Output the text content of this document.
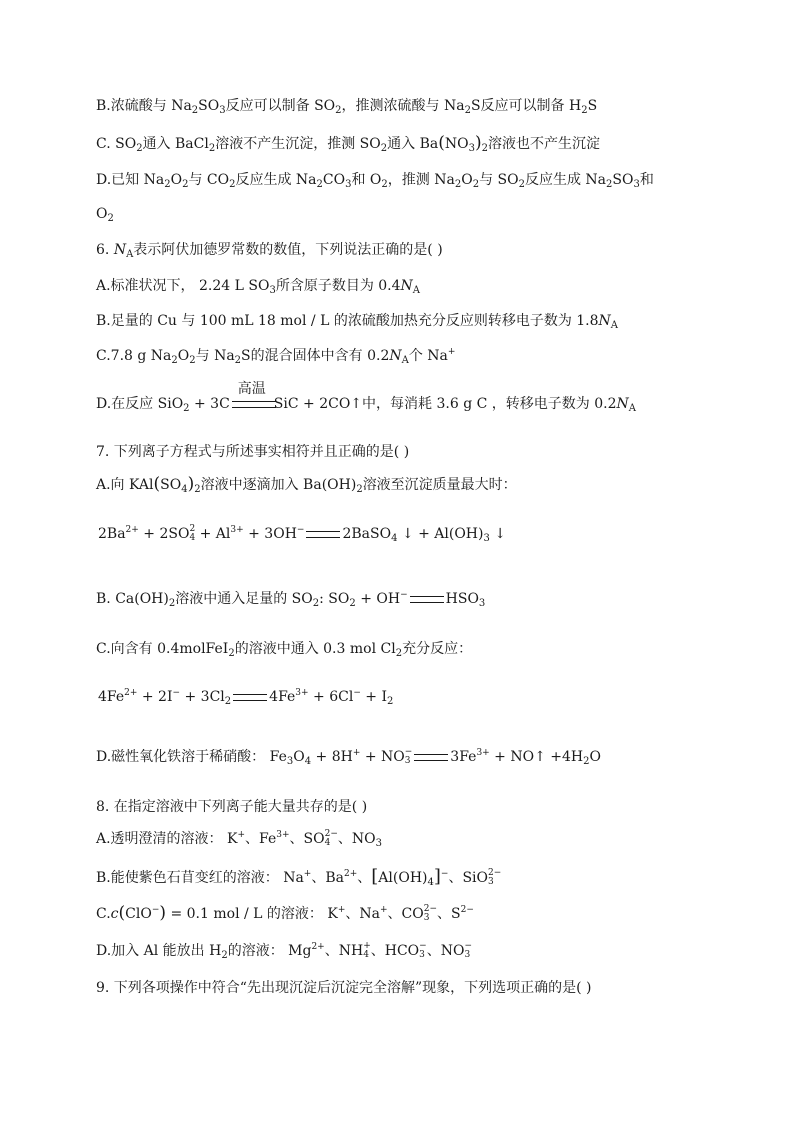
B.浓硫酸与 $Na_2SO_3$反应可以制备 $SO_2$，推测浓硫酸与 $Na_2S$反应可以制备 $H_2S$
C. $SO_2$通入 BaCl$_2$溶液不产生沉淀，推测 $SO_2$通入 $Ba(NO_3)_2$溶液也不产生沉淀
D.已知 $Na_2O_2$与 $CO_2$反应生成 $Na_2CO_3$和 $O_2$，推测 $Na_2O_2$与 $SO_2$反应生成 $Na_2SO_3$和
$O_2$
6. $N_A$表示阿伏加德罗常数的数值，下列说法正确的是( )
A.标准状况下， 2.24 L $SO_3$所含原子数目为 $0.4N_A$
B.足量的 Cu 与 100 mL 18 mol / L 的浓硫酸加热充分反应则转移电子数为 $1.8N_A$
C.7.8 g $Na_2O_2$与 $Na_2S$的混合固体中含有 $0.2N_A$个 Na+
D.在反应 SiO$_2$ + 3C
高温
SiC + 2CO↑中，每消耗 3.6 g C ，转移电子数为 $0.2N_A$
7. 下列离子方程式与所述事实相符并且正确的是( )
A.向 $KAl(SO_4)_2$溶液中逐滴加入 $Ba(OH)_2$溶液至沉淀质量最大时：
$2Ba^{2+} + 2SO$ 2
$4 + Al^{3+} + 3OH^-$	2BaSO$_4$ ↓ + $Al(OH)_3$ ↓
B. $Ca(OH)_2$溶液中通入足量的 $SO_2$: $SO_2 + OH^-$	$HSO_3$
C.向含有 0.4molFeI$_2$的溶液中通入 0.3 mol $Cl_2$充分反应：
$4Fe^{2+} + 2I^- + 3Cl_2$	$4Fe^{3+} + 6Cl^- + I_2$
D.磁性氧化铁溶于稀硝酸： $Fe_3O_4 + 8H^+$ + NO −
3	$3Fe^{3+}$ + NO↑ $+4H_2O$
8. 在指定溶液中下列离子能大量共存的是( )
A.透明澄清的溶液： K+、$Fe^{3+}$、SO 2−
4 、$NO_3$
B.能使紫色石苜变红的溶液： Na+、$Ba^{2+}$、$[Al(OH)_4]^-$、SiO 2−
3
C.c(ClO−) = 0.1 mol / L 的溶液： K+、Na+、CO 2−
3 、$S^{2-}$
D.加入 Al 能放出 $H_2$的溶液： $Mg^{2+}$、NH +
4 、HCO −
3 、NO −
3
9. 下列各项操作中符合“先出现沉淀后沉淀完全溶解”现象，下列选项正确的是( )
